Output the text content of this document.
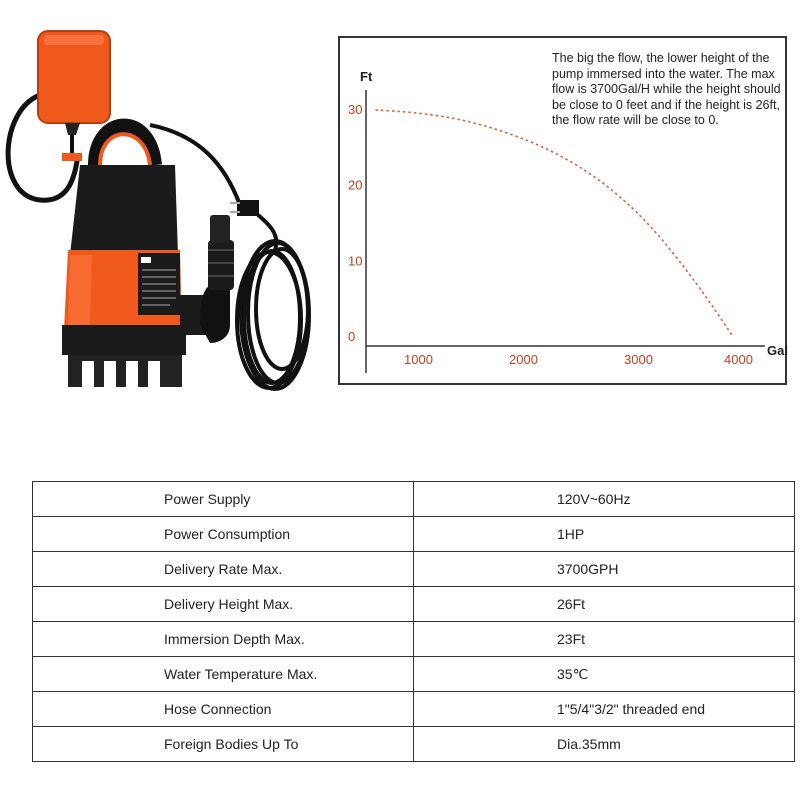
Ft
Gal
30
20
10
0
1000	2000	3000	4000

The big the flow, the lower height of the pump immersed into the water. The max flow is 3700Gal/H while the height should be close to 0 feet and if the height is 26ft, the flow rate will be close to 0.

Power Supply	120V~60Hz
Power Consumption	1HP
Delivery Rate Max.	3700GPH
Delivery Height Max.	26Ft
Immersion Depth Max.	23Ft
Water Temperature Max.	35℃
Hose Connection	1"5/4"3/2" threaded end
Foreign Bodies Up To	Dia.35mm
